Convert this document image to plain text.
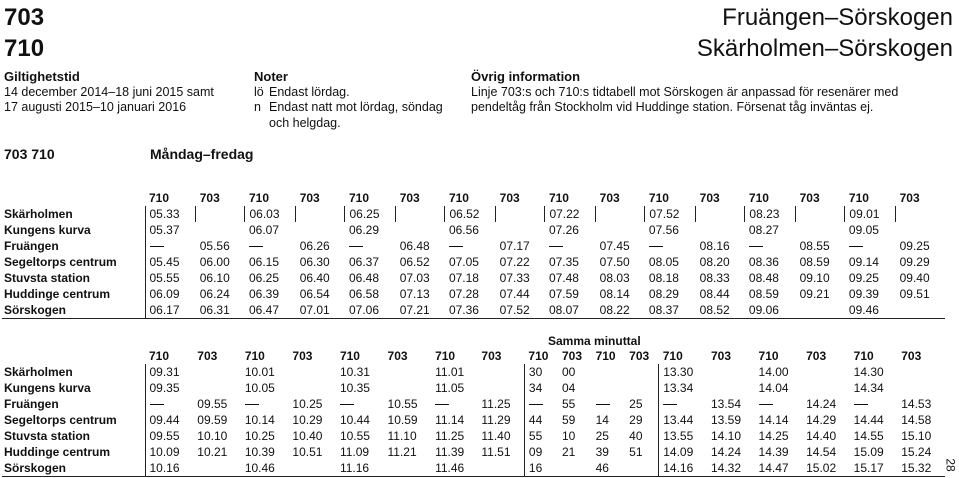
703
710
Fruängen–Sörskogen
Skärholmen–Sörskogen
Giltighetstid
14 december 2014–18 juni 2015 samt
17 augusti 2015–10 januari 2016
Noter
lö Endast lördag.
n Endast natt mot lördag, söndag och helgdag.
Övrig information
Linje 703:s och 710:s tidtabell mot Sörskogen är anpassad för resenärer med pendeltåg från Stockholm vid Huddinge station. Försenat tåg inväntas ej.
703 710	Måndag–fredag
	710	703	710	703	710	703	710	703	710	703	710	703	710	703	710	703
Skärholmen	05.33		06.03		06.25		06.52		07.22		07.52		08.23		09.01	
Kungens kurva	05.37		06.07		06.29		06.56		07.26		07.56		08.27		09.05	
Fruängen		05.56		06.26		06.48		07.17		07.45		08.16		08.55		09.25
Segeltorps centrum	05.45	06.00	06.15	06.30	06.37	06.52	07.05	07.22	07.35	07.50	08.05	08.20	08.36	08.59	09.14	09.29
Stuvsta station	05.55	06.10	06.25	06.40	06.48	07.03	07.18	07.33	07.48	08.03	08.18	08.33	08.48	09.10	09.25	09.40
Huddinge centrum	06.09	06.24	06.39	06.54	06.58	07.13	07.28	07.44	07.59	08.14	08.29	08.44	08.59	09.21	09.39	09.51
Sörskogen	06.17	06.31	06.47	07.01	07.06	07.21	07.36	07.52	08.07	08.22	08.37	08.52	09.06		09.46	
Samma minuttal
	710	703	710	703	710	703	710	703	710	703	710	703	710	703	710	703	710	703
Skärholmen	09.31		10.01		10.31		11.01		30	00			13.30		14.00		14.30	
Kungens kurva	09.35		10.05		10.35		11.05		34	04			13.34		14.04		14.34	
Fruängen		09.55		10.25		10.55		11.25		55		25		13.54		14.24		14.53
Segeltorps centrum	09.44	09.59	10.14	10.29	10.44	10.59	11.14	11.29	44	59	14	29	13.44	13.59	14.14	14.29	14.44	14.58
Stuvsta station	09.55	10.10	10.25	10.40	10.55	11.10	11.25	11.40	55	10	25	40	13.55	14.10	14.25	14.40	14.55	15.10
Huddinge centrum	10.09	10.21	10.39	10.51	11.09	11.21	11.39	11.51	09	21	39	51	14.09	14.24	14.39	14.54	15.09	15.24
Sörskogen	10.16		10.46		11.16		11.46		16		46		14.16	14.32	14.47	15.02	15.17	15.32 28
